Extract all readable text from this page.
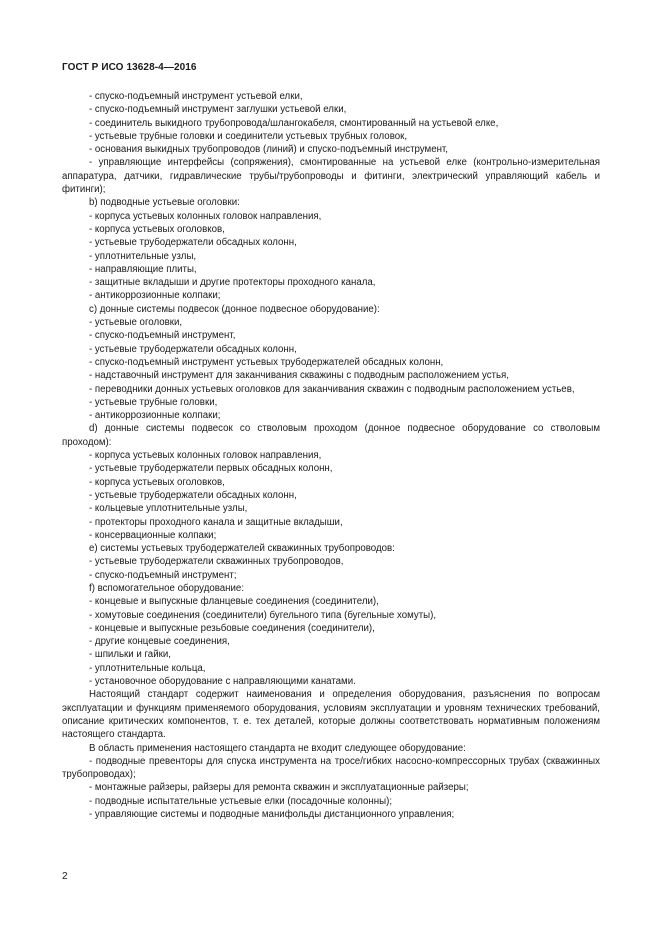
ГОСТ Р ИСО 13628-4—2016

- спуско-подъемный инструмент устьевой елки,

- спуско-подъемный инструмент заглушки устьевой елки,

- соединитель выкидного трубопровода/шлангокабеля, смонтированный на устьевой елке,

- устьевые трубные головки и соединители устьевых трубных головок,

- основания выкидных трубопроводов (линий) и спуско-подъемный инструмент,

- управляющие интерфейсы (сопряжения), смонтированные на устьевой елке (контрольно-измерительная аппаратура, датчики, гидравлические трубы/трубопроводы и фитинги, электрический управляющий кабель и фитинги);

b) подводные устьевые оголовки:

- корпуса устьевых колонных головок направления,

- корпуса устьевых оголовков,

- устьевые трубодержатели обсадных колонн,

- уплотнительные узлы,

- направляющие плиты,

- защитные вкладыши и другие протекторы проходного канала,

- антикоррозионные колпаки;

с) донные системы подвесок (донное подвесное оборудование):

- устьевые оголовки,

- спуско-подъемный инструмент,

- устьевые трубодержатели обсадных колонн,

- спуско-подъемный инструмент устьевых трубодержателей обсадных колонн,

- надставочный инструмент для заканчивания скважины с подводным расположением устья,

- переводники донных устьевых оголовков для заканчивания скважин с подводным расположением устьев,

- устьевые трубные головки,

- антикоррозионные колпаки;

d) донные системы подвесок со стволовым проходом (донное подвесное оборудование со стволовым проходом):

- корпуса устьевых колонных головок направления,

- устьевые трубодержатели первых обсадных колонн,

- корпуса устьевых оголовков,

- устьевые трубодержатели обсадных колонн,

- кольцевые уплотнительные узлы,

- протекторы проходного канала и защитные вкладыши,

- консервационные колпаки;

е) системы устьевых трубодержателей скважинных трубопроводов:

- устьевые трубодержатели скважинных трубопроводов,

- спуско-подъемный инструмент;

f) вспомогательное оборудование:

- концевые и выпускные фланцевые соединения (соединители),

- хомутовые соединения (соединители) бугельного типа (бугельные хомуты),

- концевые и выпускные резьбовые соединения (соединители),

- другие концевые соединения,

- шпильки и гайки,

- уплотнительные кольца,

- установочное оборудование с направляющими канатами.

Настоящий стандарт содержит наименования и определения оборудования, разъяснения по вопросам эксплуатации и функциям применяемого оборудования, условиям эксплуатации и уровням технических требований, описание критических компонентов, т. е. тех деталей, которые должны соответствовать нормативным положениям настоящего стандарта.

В область применения настоящего стандарта не входит следующее оборудование:

- подводные превенторы для спуска инструмента на тросе/гибких насосно-компрессорных трубах (скважинных трубопроводах);

- монтажные райзеры, райзеры для ремонта скважин и эксплуатационные райзеры;

- подводные испытательные устьевые елки (посадочные колонны);

- управляющие системы и подводные манифольды дистанционного управления;

2
